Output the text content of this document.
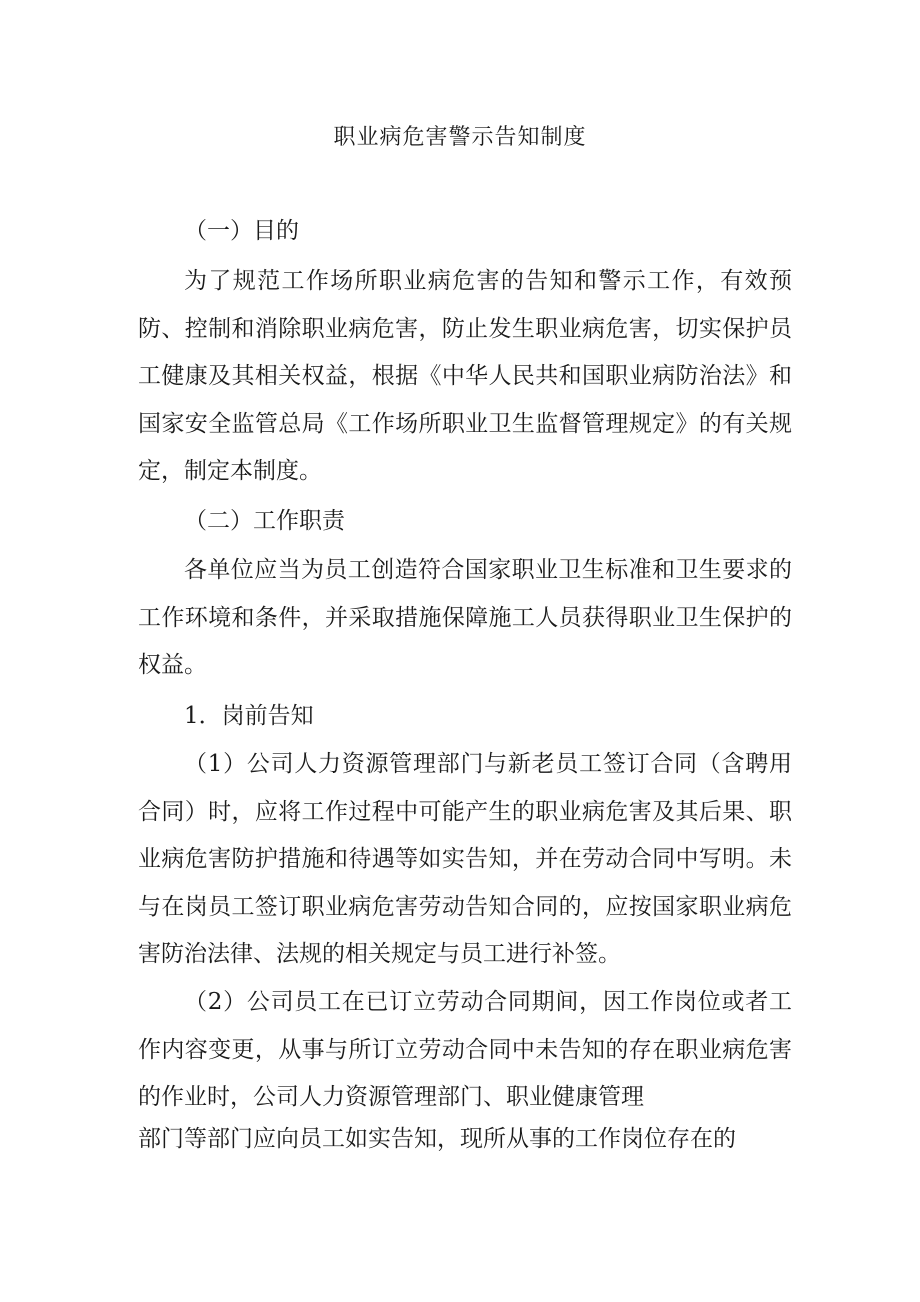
职业病危害警示告知制度

（一）目的

为了规范工作场所职业病危害的告知和警示工作，有效预防、控制和消除职业病危害，防止发生职业病危害，切实保护员工健康及其相关权益，根据《中华人民共和国职业病防治法》和国家安全监管总局《工作场所职业卫生监督管理规定》的有关规定，制定本制度。

（二）工作职责

各单位应当为员工创造符合国家职业卫生标准和卫生要求的工作环境和条件，并采取措施保障施工人员获得职业卫生保护的权益。

1．岗前告知

（1）公司人力资源管理部门与新老员工签订合同（含聘用合同）时，应将工作过程中可能产生的职业病危害及其后果、职业病危害防护措施和待遇等如实告知，并在劳动合同中写明。未与在岗员工签订职业病危害劳动告知合同的，应按国家职业病危害防治法律、法规的相关规定与员工进行补签。

（2）公司员工在已订立劳动合同期间，因工作岗位或者工作内容变更，从事与所订立劳动合同中未告知的存在职业病危害的作业时，公司人力资源管理部门、职业健康管理

部门等部门应向员工如实告知，现所从事的工作岗位存在的
